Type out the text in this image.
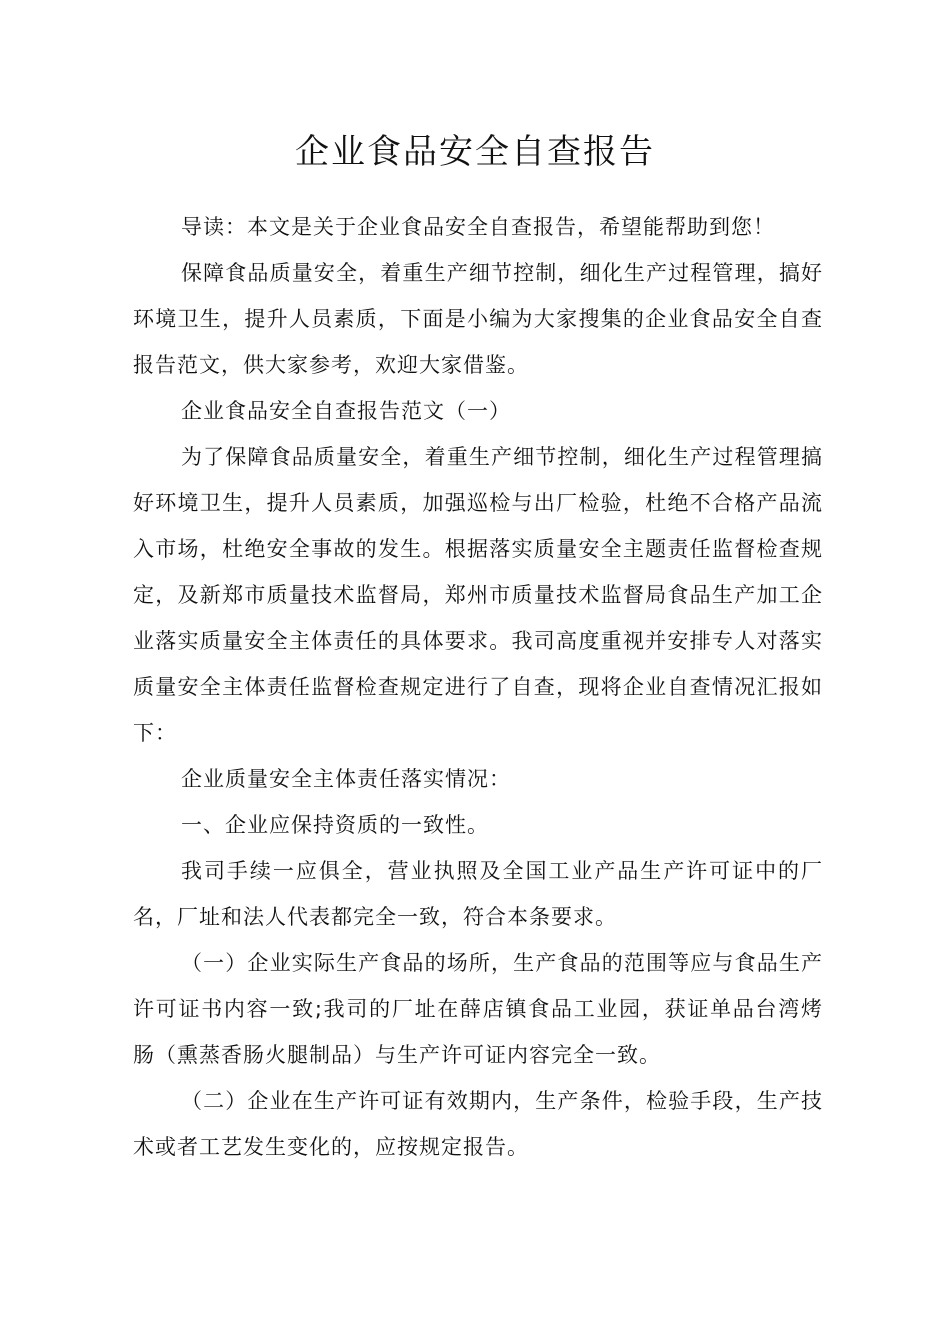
企业食品安全自查报告

导读：本文是关于企业食品安全自查报告，希望能帮助到您！

保障食品质量安全，着重生产细节控制，细化生产过程管理，搞好环境卫生，提升人员素质，下面是小编为大家搜集的企业食品安全自查报告范文，供大家参考，欢迎大家借鉴。

企业食品安全自查报告范文（一）

为了保障食品质量安全，着重生产细节控制，细化生产过程管理搞好环境卫生，提升人员素质，加强巡检与出厂检验，杜绝不合格产品流入市场，杜绝安全事故的发生。根据落实质量安全主题责任监督检查规定，及新郑市质量技术监督局，郑州市质量技术监督局食品生产加工企业落实质量安全主体责任的具体要求。我司高度重视并安排专人对落实质量安全主体责任监督检查规定进行了自查，现将企业自查情况汇报如下：

企业质量安全主体责任落实情况：

一、企业应保持资质的一致性。

我司手续一应俱全，营业执照及全国工业产品生产许可证中的厂名，厂址和法人代表都完全一致，符合本条要求。

（一）企业实际生产食品的场所，生产食品的范围等应与食品生产许可证书内容一致;我司的厂址在薛店镇食品工业园，获证单品台湾烤肠（熏蒸香肠火腿制品）与生产许可证内容完全一致。

（二）企业在生产许可证有效期内，生产条件，检验手段，生产技术或者工艺发生变化的，应按规定报告。
